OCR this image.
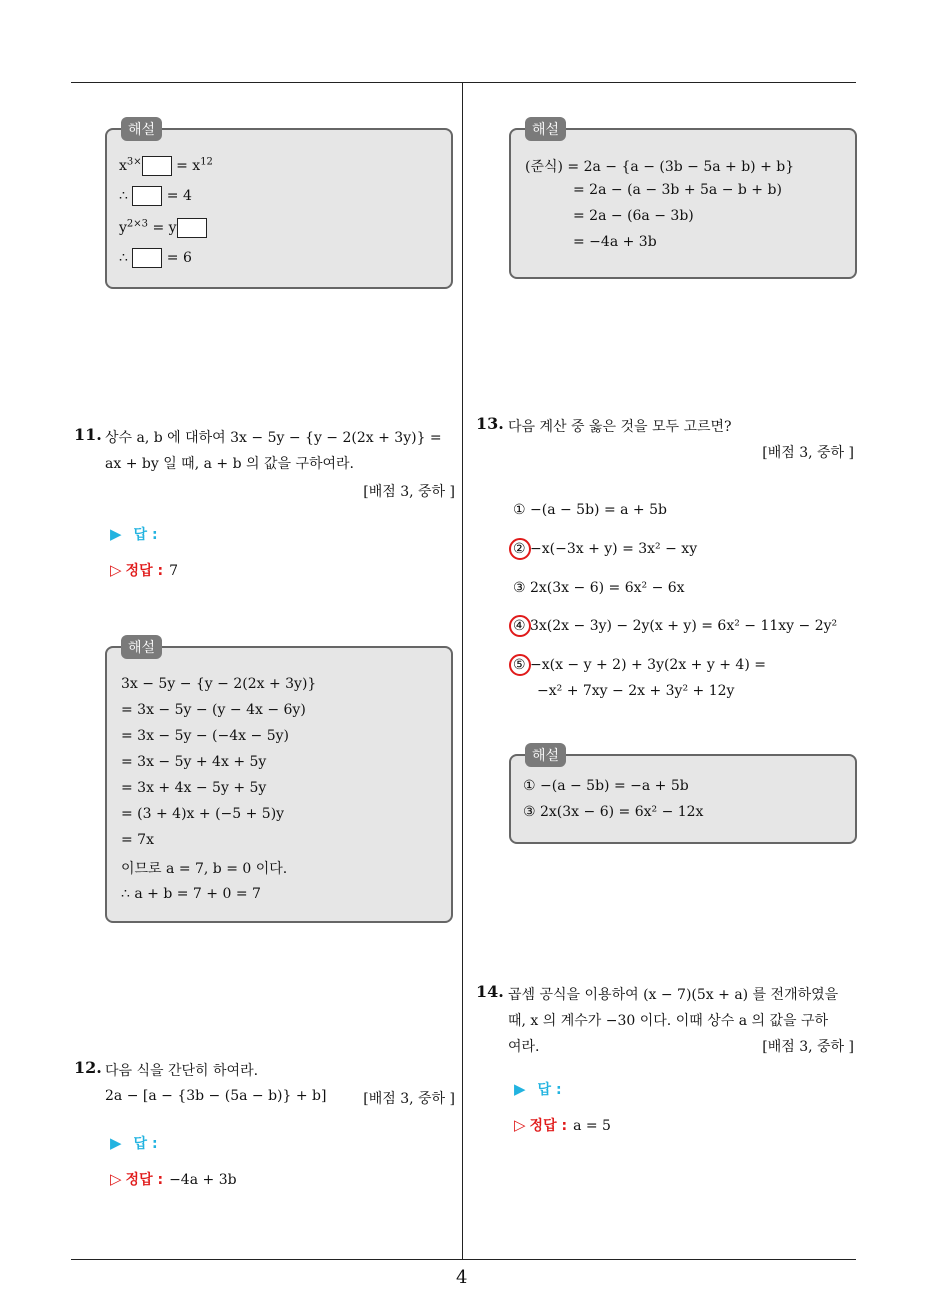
해설
$x^{3\times} = x^{12}$
∴  = 4
$y^{2\times 3} = y$
∴  = 6
11. 상수 a, b 에 대하여 3x − 5y − {y − 2(2x + 3y)} =
ax + by 일 때, a + b 의 값을 구하여라.
[배점 3, 중하 ]
▶ 답 :
▷ 정답 : 7
해설
3x − 5y − {y − 2(2x + 3y)}
= 3x − 5y − (y − 4x − 6y)
= 3x − 5y − (−4x − 5y)
= 3x − 5y + 4x + 5y
= 3x + 4x − 5y + 5y
= (3 + 4)x + (−5 + 5)y
= 7x
이므로 a = 7, b = 0 이다.
∴ a + b = 7 + 0 = 7
12. 다음 식을 간단히 하여라.
2a − [a − {3b − (5a − b)} + b]	[배점 3, 중하 ]
▶ 답 :
▷ 정답 : −4a + 3b
해설
(준식) = 2a − {a − (3b − 5a + b) + b}
= 2a − (a − 3b + 5a − b + b)
= 2a − (6a − 3b)
= −4a + 3b
13. 다음 계산 중 옳은 것을 모두 고르면?
[배점 3, 중하 ]
① −(a − 5b) = a + 5b
② −x(−3x + y) = 3x² − xy
③ 2x(3x − 6) = 6x² − 6x
④ 3x(2x − 3y) − 2y(x + y) = 6x² − 11xy − 2y²
⑤ −x(x − y + 2) + 3y(2x + y + 4) =
−x² + 7xy − 2x + 3y² + 12y
해설
① −(a − 5b) = −a + 5b
③ 2x(3x − 6) = 6x² − 12x
14. 곱셈 공식을 이용하여 (x − 7)(5x + a) 를 전개하였을
때, x 의 계수가 −30 이다. 이때 상수 a 의 값을 구하
여라.	[배점 3, 중하 ]
▶ 답 :
▷ 정답 : a = 5
4
